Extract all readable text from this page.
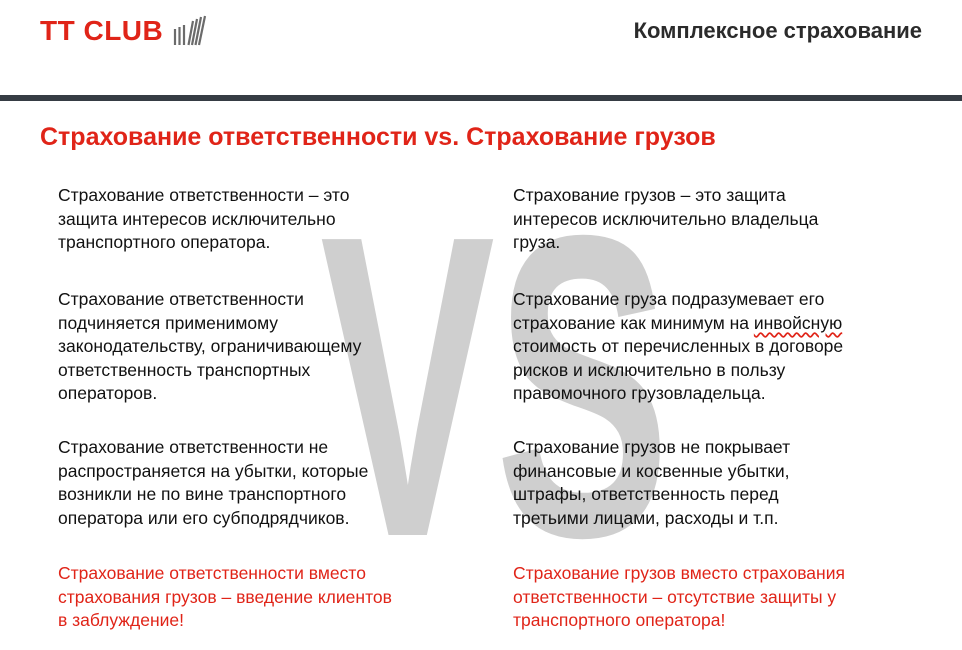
TT CLUB	Комплексное страхование
Страхование ответственности vs. Страхование грузов
VS

Страхование ответственности – это
защита интересов исключительно
транспортного оператора.

Страхование ответственности
подчиняется применимому
законодательству, ограничивающему
ответственность транспортных
операторов.

Страхование ответственности не
распространяется на убытки, которые
возникли не по вине транспортного
оператора или его субподрядчиков.

Страхование ответственности вместо
страхования грузов – введение клиентов
в заблуждение!

Страхование грузов – это защита
интересов исключительно владельца
груза.

Страхование груза подразумевает его
страхование как минимум на инвойсную
стоимость от перечисленных в договоре
рисков и исключительно в пользу
правомочного грузовладельца.

Страхование грузов не покрывает
финансовые и косвенные убытки,
штрафы, ответственность перед
третьими лицами, расходы и т.п.

Страхование грузов вместо страхования
ответственности – отсутствие защиты у
транспортного оператора!
